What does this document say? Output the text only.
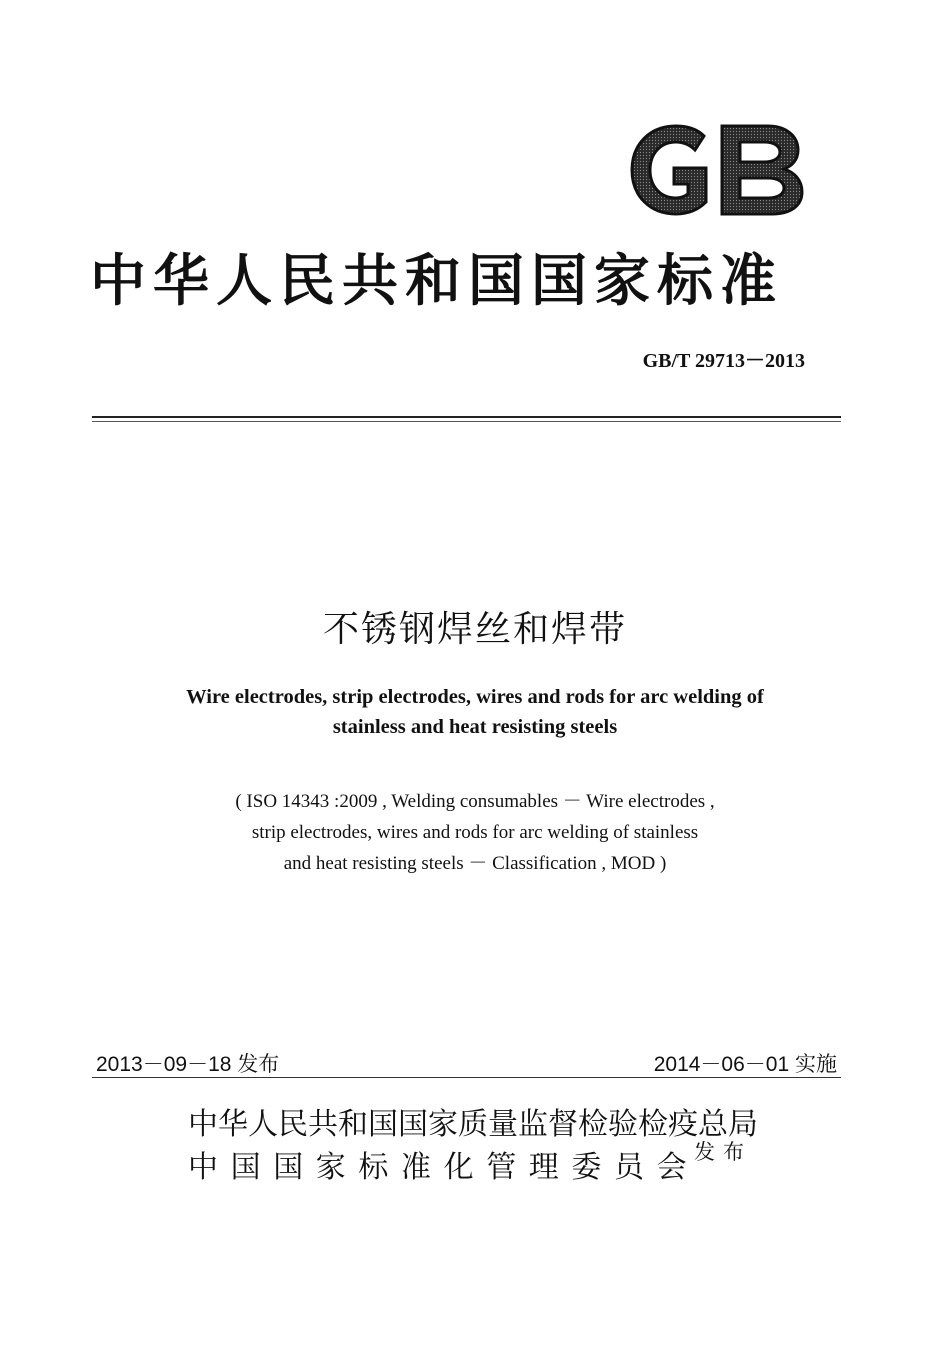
中华人民共和国国家标准
GB/T 29713－2013
不锈钢焊丝和焊带
Wire electrodes, strip electrodes, wires and rods for arc welding of
stainless and heat resisting steels
( ISO 14343 :2009 , Welding consumables － Wire electrodes ,
strip electrodes, wires and rods for arc welding of stainless
and heat resisting steels － Classification , MOD )
2013－09－18 发布	2014－06－01 实施
中华人民共和国国家质量监督检验检疫总局
中国国家标准化管理委员会
发布
